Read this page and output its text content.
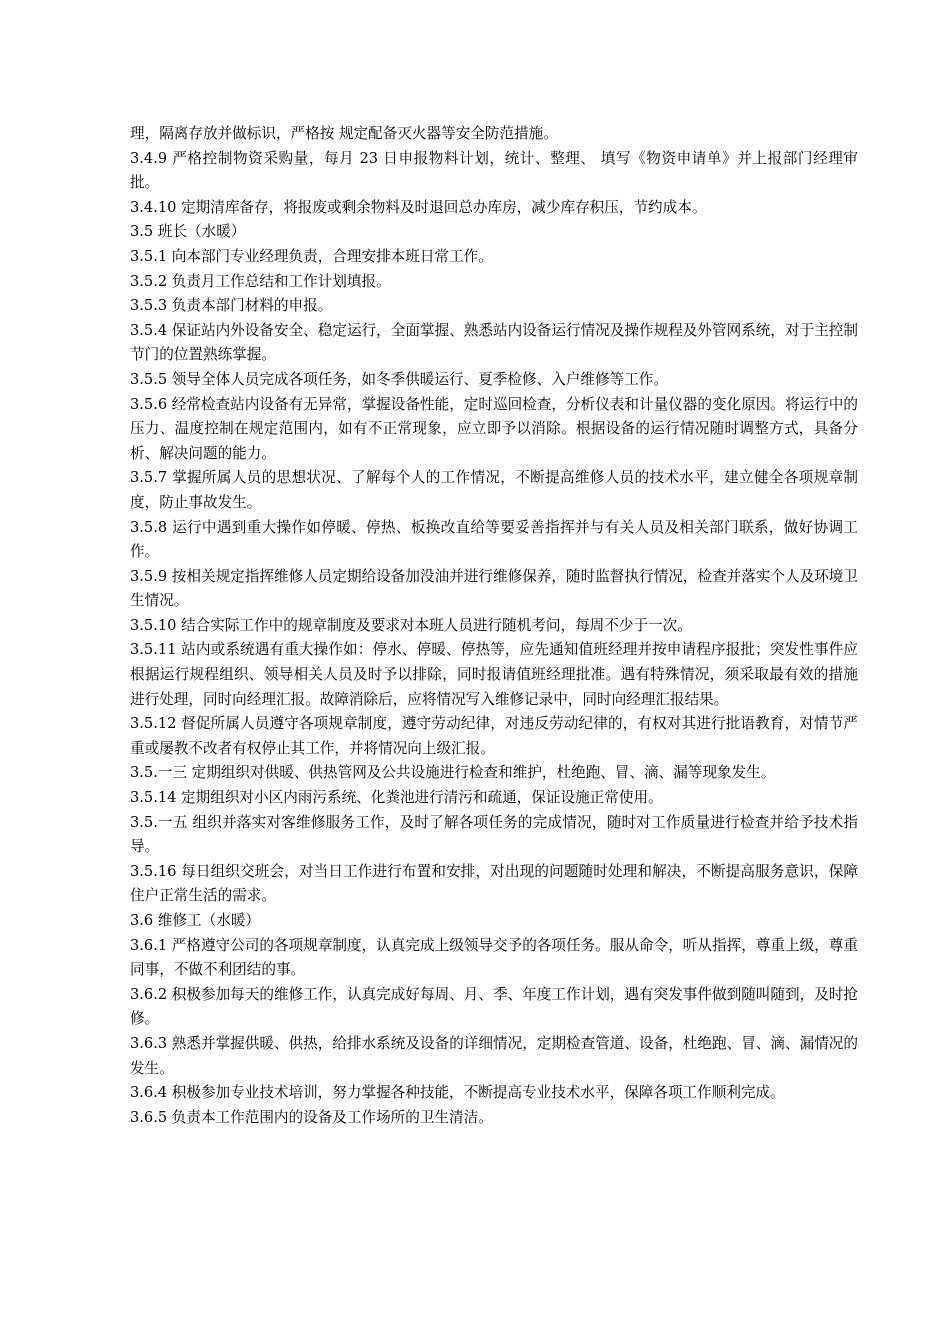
理，隔离存放并做标识，严格按 规定配备灭火器等安全防范措施。

3.4.9 严格控制物资采购量，每月 23 日申报物料计划，统计、整理、 填写《物资申请单》并上报部门经理审批。

3.4.10 定期清库备存，将报废或剩余物料及时退回总办库房，减少库存积压，节约成本。

3.5 班长（水暖）

3.5.1 向本部门专业经理负责，合理安排本班日常工作。

3.5.2 负责月工作总结和工作计划填报。

3.5.3 负责本部门材料的申报。

3.5.4 保证站内外设备安全、稳定运行，全面掌握、熟悉站内设备运行情况及操作规程及外管网系统，对于主控制节门的位置熟练掌握。

3.5.5 领导全体人员完成各项任务，如冬季供暖运行、夏季检修、入户维修等工作。

3.5.6 经常检查站内设备有无异常，掌握设备性能，定时巡回检查，分析仪表和计量仪器的变化原因。将运行中的压力、温度控制在规定范围内，如有不正常现象，应立即予以消除。根据设备的运行情况随时调整方式，具备分析、解决问题的能力。

3.5.7 掌握所属人员的思想状况、了解每个人的工作情况，不断提高维修人员的技术水平，建立健全各项规章制度，防止事故发生。

3.5.8 运行中遇到重大操作如停暖、停热、板换改直给等要妥善指挥并与有关人员及相关部门联系，做好协调工作。

3.5.9 按相关规定指挥维修人员定期给设备加没油并进行维修保养，随时监督执行情况，检查并落实个人及环境卫生情况。

3.5.10 结合实际工作中的规章制度及要求对本班人员进行随机考问，每周不少于一次。

3.5.11 站内或系统遇有重大操作如：停水、停暖、停热等，应先通知值班经理并按申请程序报批；突发性事件应根据运行规程组织、领导相关人员及时予以排除，同时报请值班经理批准。遇有特殊情况，须采取最有效的措施进行处理，同时向经理汇报。故障消除后，应将情况写入维修记录中，同时向经理汇报结果。

3.5.12 督促所属人员遵守各项规章制度，遵守劳动纪律，对违反劳动纪律的，有权对其进行批语教育，对情节严重或屡教不改者有权停止其工作，并将情况向上级汇报。

3.5.一三 定期组织对供暖、供热管网及公共设施进行检查和维护，杜绝跑、冒、滴、漏等现象发生。

3.5.14 定期组织对小区内雨污系统、化粪池进行清污和疏通，保证设施正常使用。

3.5.一五 组织并落实对客维修服务工作，及时了解各项任务的完成情况，随时对工作质量进行检查并给予技术指导。

3.5.16 每日组织交班会，对当日工作进行布置和安排，对出现的问题随时处理和解决，不断提高服务意识，保障住户正常生活的需求。

3.6 维修工（水暖）

3.6.1 严格遵守公司的各项规章制度，认真完成上级领导交予的各项任务。服从命令，听从指挥，尊重上级，尊重同事，不做不利团结的事。

3.6.2 积极参加每天的维修工作，认真完成好每周、月、季、年度工作计划，遇有突发事件做到随叫随到，及时抢修。

3.6.3 熟悉并掌握供暖、供热，给排水系统及设备的详细情况，定期检查管道、设备，杜绝跑、冒、滴、漏情况的发生。

3.6.4 积极参加专业技术培训，努力掌握各种技能，不断提高专业技术水平，保障各项工作顺利完成。

3.6.5 负责本工作范围内的设备及工作场所的卫生清洁。
